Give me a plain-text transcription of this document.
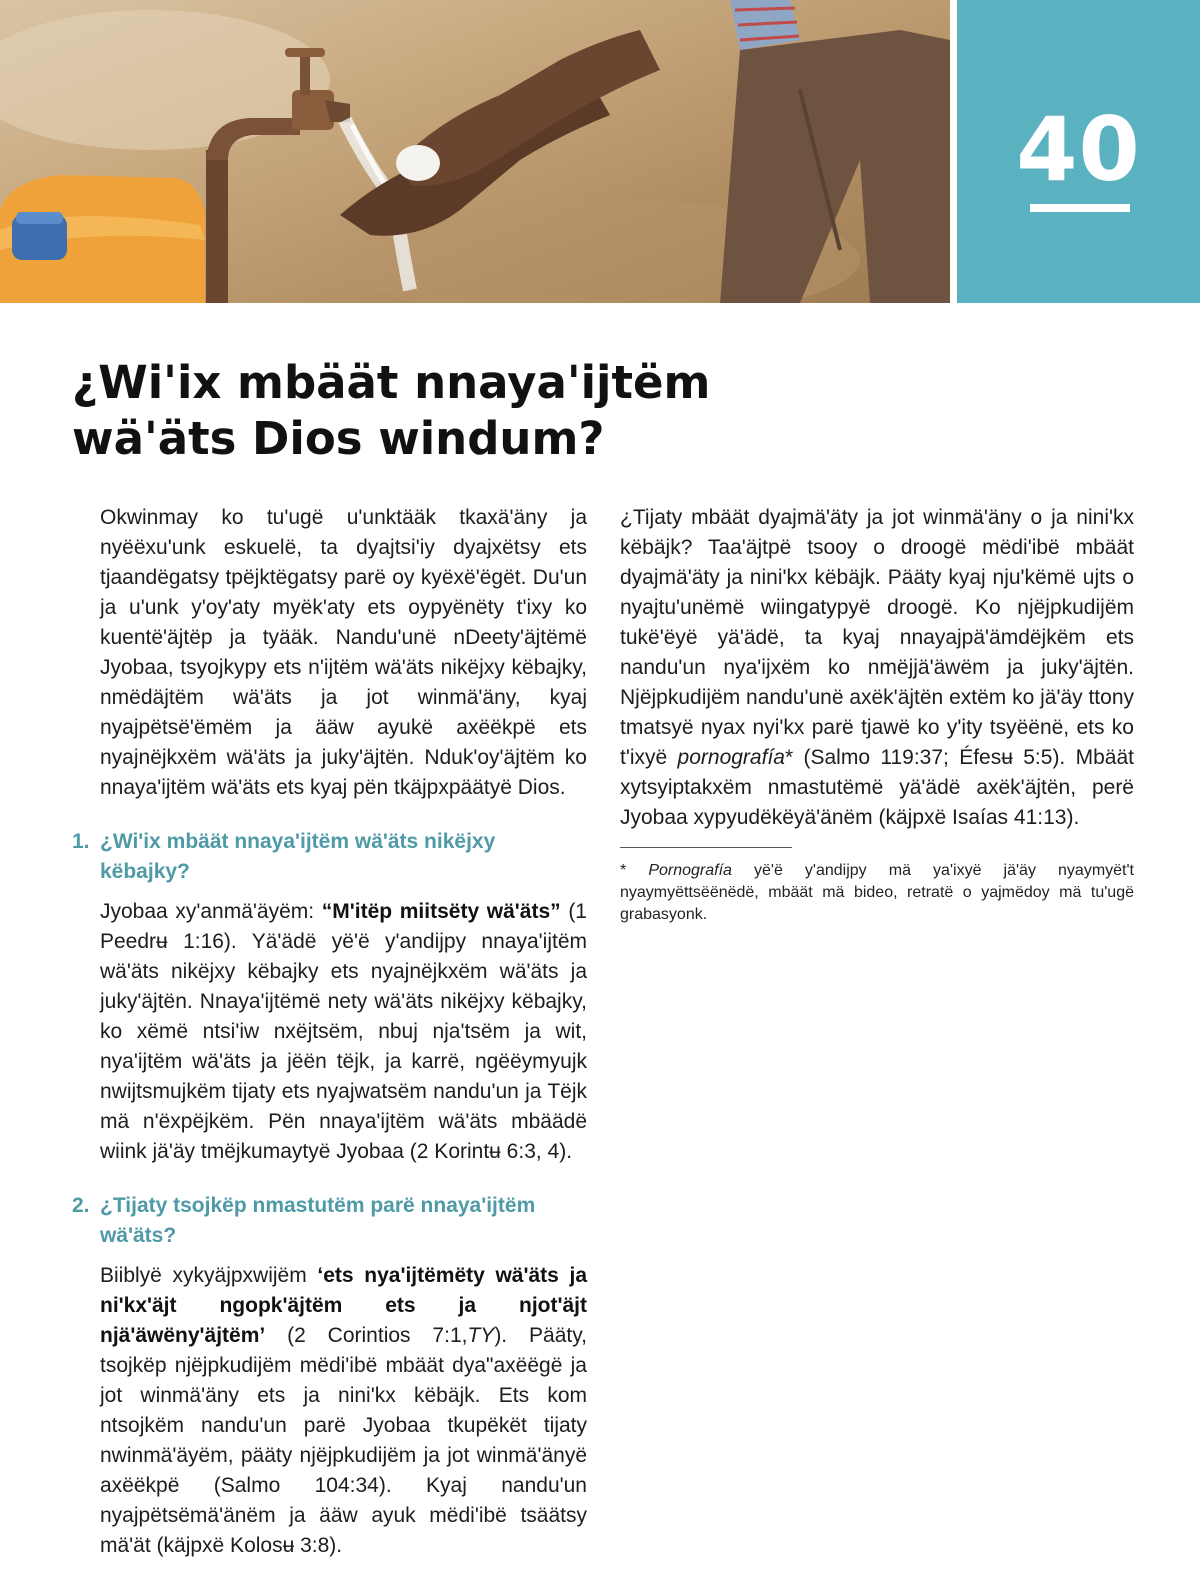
40
¿Wi'ix mbäät nnaya'ijtëm
wä'äts Dios windum?

Okwinmay ko tu'ugë u'unktääk tkaxä'äny ja nyëëxu'unk eskuelë, ta dyajtsi'iy dyajxëtsy ets tjaandëgatsy tpëjktëgatsy parë oy kyëxë'ëgët. Du'un ja u'unk y'oy'aty myëk'aty ets oypyënëty t'ixy ko kuentë'äjtëp ja tyääk. Nandu'unë nDeety'äjtëmë Jyobaa, tsyojkypy ets n'ijtëm wä'äts nikëjxy këbajky, nmëdäjtëm wä'äts ja jot winmä'äny, kyaj nyajpëtsë'ëmëm ja ääw ayukë axëëkpë ets nyajnëjkxëm wä'äts ja juky'äjtën. Nduk'oy'äjtëm ko nnaya'ijtëm wä'äts ets kyaj pën tkäjpxpäätyë Dios.

1. ¿Wi'ix mbäät nnaya'ijtëm wä'äts nikëjxy këbajky?

Jyobaa xy'anmä'äyëm: “M'itëp miitsëty wä'äts” (1 Peedrʉ 1:16). Yä'ädë yë'ë y'andijpy nnaya'ijtëm wä'äts nikëjxy këbajky ets nyajnëjkxëm wä'äts ja juky'äjtën. Nnaya'ijtëmë nety wä'äts nikëjxy këbajky, ko xëmë ntsi'iw nxëjtsëm, nbuj nja'tsëm ja wit, nya'ijtëm wä'äts ja jëën tëjk, ja karrë, ngëëymyujk nwijtsmujkëm tijaty ets nyajwatsëm nandu'un ja Tëjk mä n'ëxpëjkëm. Pën nnaya'ijtëm wä'äts mbäädë wiink jä'äy tmëjkumaytyë Jyobaa (2 Korintʉ 6:3, 4).

2. ¿Tijaty tsojkëp nmastutëm parë nnaya'ijtëm wä'äts?

Biiblyë xykyäjpxwijëm ‘ets nya'ijtëmëty wä'äts ja ni'kx'äjt ngopk'äjtëm ets ja njot'äjt njä'äwëny'äjtëm’ (2 Corintios 7:1,TY). Pääty, tsojkëp njëjpkudijëm mëdi'ibë mbäät dya"axëëgë ja jot winmä'äny ets ja nini'kx këbäjk. Ets kom ntsojkëm nandu'un parë Jyobaa tkupëkët tijaty nwinmä'äyëm, pääty njëjpkudijëm ja jot winmä'änyë axëëkpë (Salmo 104:34). Kyaj nandu'un nyajpëtsëmä'änëm ja ääw ayuk mëdi'ibë tsäätsy mä'ät (käjpxë Kolosʉ 3:8).

¿Tijaty mbäät dyajmä'äty ja jot winmä'äny o ja nini'kx këbäjk? Taa'äjtpë tsooy o droogë mëdi'ibë mbäät dyajmä'äty ja nini'kx këbäjk. Pääty kyaj nju'këmë ujts o nyajtu'unëmë wiingatypyë droogë. Ko njëjpkudijëm tukë'ëyë yä'ädë, ta kyaj nnayajpä'ämdëjkëm ets nandu'un nya'ijxëm ko nmëjjä'äwëm ja juky'äjtën. Njëjpkudijëm nandu'unë axëk'äjtën extëm ko jä'äy ttony tmatsyë nyax nyi'kx parë tjawë ko y'ity tsyëënë, ets ko t'ixyë pornografía* (Salmo 119:37; Éfesʉ 5:5). Mbäät xytsyiptakxëm nmastutëmë yä'ädë axëk'äjtën, perë Jyobaa xypyudëkëyä'änëm (käjpxë Isaías 41:13).

* Pornografía yë'ë y'andijpy mä ya'ixyë jä'äy nyaymyët't nyaymyëttsëënëdë, mbäät mä bideo, retratë o yajmëdoy mä tu'ugë grabasyonk.
